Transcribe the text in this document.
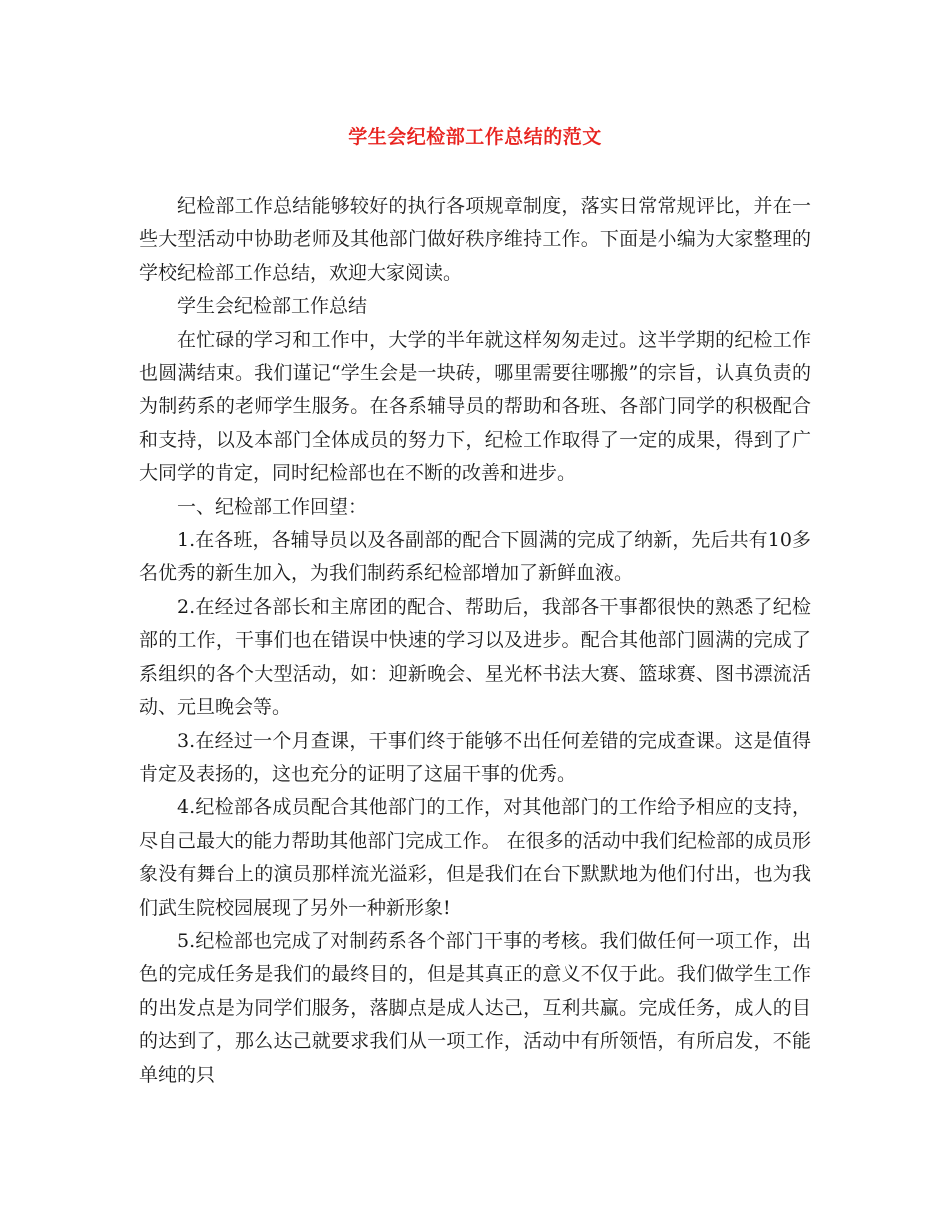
学生会纪检部工作总结的范文

纪检部工作总结能够较好的执行各项规章制度，落实日常常规评比，并在一些大型活动中协助老师及其他部门做好秩序维持工作。下面是小编为大家整理的学校纪检部工作总结，欢迎大家阅读。

学生会纪检部工作总结

在忙碌的学习和工作中，大学的半年就这样匆匆走过。这半学期的纪检工作也圆满结束。我们谨记“学生会是一块砖，哪里需要往哪搬”的宗旨，认真负责的为制药系的老师学生服务。在各系辅导员的帮助和各班、各部门同学的积极配合和支持，以及本部门全体成员的努力下，纪检工作取得了一定的成果，得到了广大同学的肯定，同时纪检部也在不断的改善和进步。

一、纪检部工作回望：

1.在各班，各辅导员以及各副部的配合下圆满的完成了纳新，先后共有10多名优秀的新生加入，为我们制药系纪检部增加了新鲜血液。

2.在经过各部长和主席团的配合、帮助后，我部各干事都很快的熟悉了纪检部的工作，干事们也在错误中快速的学习以及进步。配合其他部门圆满的完成了系组织的各个大型活动，如：迎新晚会、星光杯书法大赛、篮球赛、图书漂流活动、元旦晚会等。

3.在经过一个月查课，干事们终于能够不出任何差错的完成查课。这是值得肯定及表扬的，这也充分的证明了这届干事的优秀。

4.纪检部各成员配合其他部门的工作，对其他部门的工作给予相应的支持，尽自己最大的能力帮助其他部门完成工作。 在很多的活动中我们纪检部的成员形象没有舞台上的演员那样流光溢彩，但是我们在台下默默地为他们付出，也为我们武生院校园展现了另外一种新形象!

5.纪检部也完成了对制药系各个部门干事的考核。我们做任何一项工作，出色的完成任务是我们的最终目的，但是其真正的意义不仅于此。我们做学生工作的出发点是为同学们服务，落脚点是成人达己，互利共赢。完成任务，成人的目的达到了，那么达己就要求我们从一项工作，活动中有所领悟，有所启发，不能单纯的只
